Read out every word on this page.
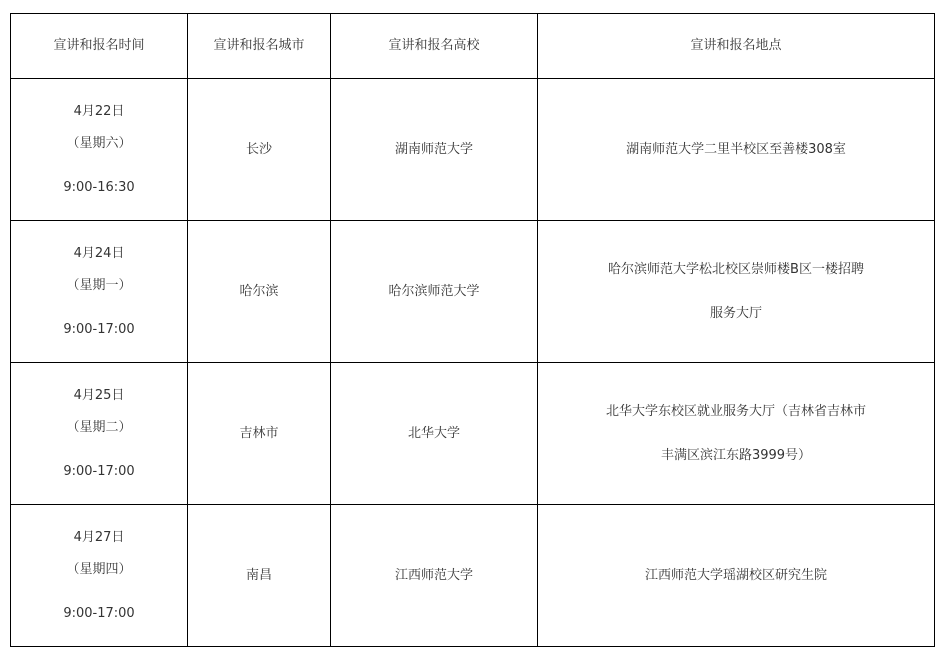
宣讲和报名时间	宣讲和报名城市	宣讲和报名高校	宣讲和报名地点

4月22日
（星期六）
9:00-16:30	长沙	湖南师范大学	湖南师范大学二里半校区至善楼308室

4月24日
（星期一）
9:00-17:00	哈尔滨	哈尔滨师范大学	哈尔滨师范大学松北校区崇师楼B区一楼招聘
服务大厅

4月25日
（星期二）
9:00-17:00	吉林市	北华大学	北华大学东校区就业服务大厅（吉林省吉林市
丰满区滨江东路3999号）

4月27日
（星期四）
9:00-17:00	南昌	江西师范大学	江西师范大学瑶湖校区研究生院
